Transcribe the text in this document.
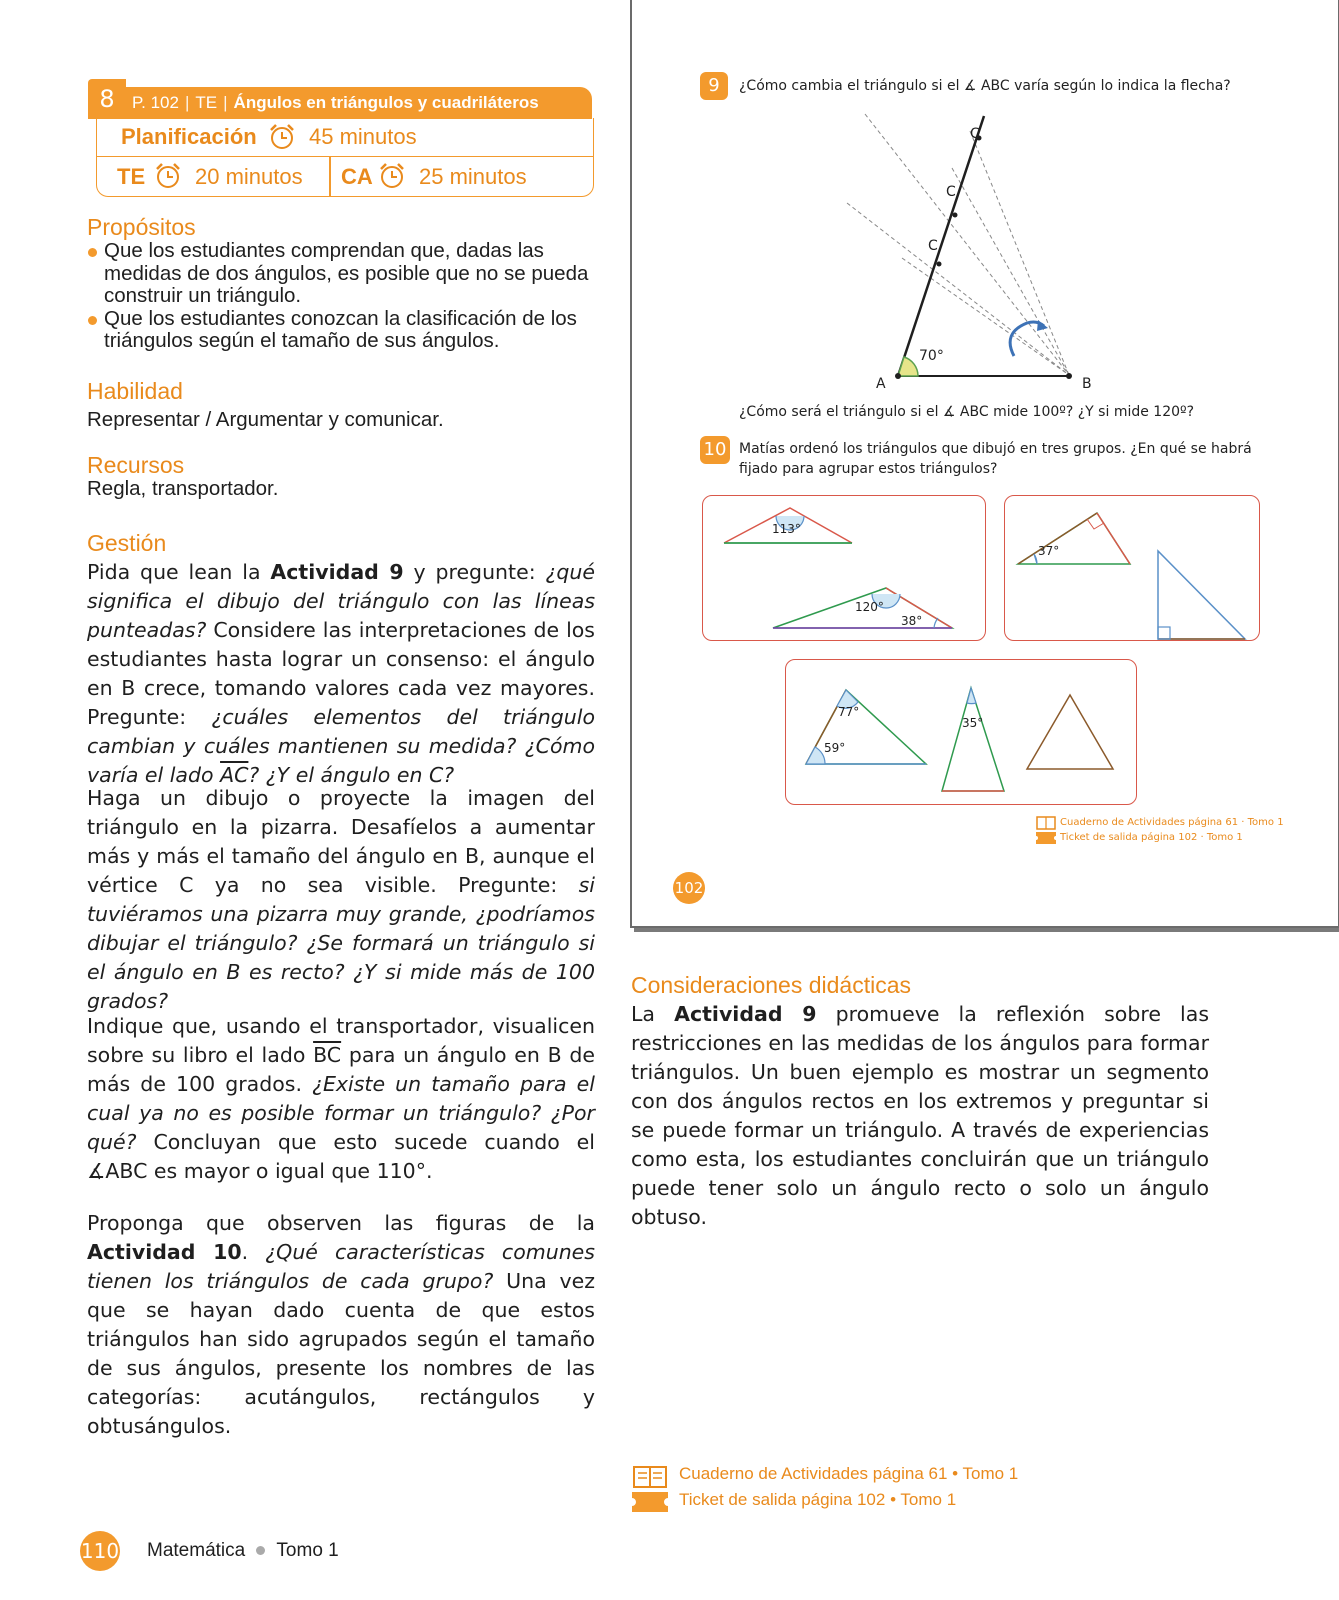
8	P. 102 | TE | Ángulos en triángulos y cuadriláteros
Planificación 45 minutos
TE 20 minutos CA 25 minutos
Propósitos
Que los estudiantes comprendan que, dadas las medidas de dos ángulos, es posible que no se pueda construir un triángulo.
Que los estudiantes conozcan la clasificación de los triángulos según el tamaño de sus ángulos.
Habilidad
Representar / Argumentar y comunicar.
Recursos
Regla, transportador.
Gestión
Pida que lean la Actividad 9 y pregunte: ¿qué significa el dibujo del triángulo con las líneas punteadas? Considere las interpretaciones de los estudiantes hasta lograr un consenso: el ángulo en B crece, tomando valores cada vez mayores. Pregunte: ¿cuáles elementos del triángulo cambian y cuáles mantienen su medida? ¿Cómo varía el lado $\overline{AC}$? ¿Y el ángulo en C?
Haga un dibujo o proyecte la imagen del triángulo en la pizarra. Desafíelos a aumentar más y más el tamaño del ángulo en B, aunque el vértice C ya no sea visible. Pregunte: si tuviéramos una pizarra muy grande, ¿podríamos dibujar el triángulo? ¿Se formará un triángulo si el ángulo en B es recto? ¿Y si mide más de 100 grados?
Indique que, usando el transportador, visualicen sobre su libro el lado $\overline{BC}$ para un ángulo en B de más de 100 grados. ¿Existe un tamaño para el cual ya no es posible formar un triángulo? ¿Por qué? Concluyan que esto sucede cuando el ∡ABC es mayor o igual que 110°.
Proponga que observen las figuras de la Actividad 10. ¿Qué características comunes tienen los triángulos de cada grupo? Una vez que se hayan dado cuenta de que estos triángulos han sido agrupados según el tamaño de sus ángulos, presente los nombres de las categorías: acutángulos, rectángulos y obtusángulos.
9	¿Cómo cambia el triángulo si el ∡ ABC varía según lo indica la flecha?
C
C
C
A	B
70°
¿Cómo será el triángulo si el ∡ ABC mide 100º? ¿Y si mide 120º?
10 Matías ordenó los triángulos que dibujó en tres grupos. ¿En qué se habrá fijado para agrupar estos triángulos?
113°
120°
38°
37°
77°
59°
35°
Cuaderno de Actividades página 61 · Tomo 1
Ticket de salida página 102 · Tomo 1
102
Consideraciones didácticas
La Actividad 9 promueve la reflexión sobre las restricciones en las medidas de los ángulos para formar triángulos. Un buen ejemplo es mostrar un segmento con dos ángulos rectos en los extremos y preguntar si se puede formar un triángulo. A través de experiencias como esta, los estudiantes concluirán que un triángulo puede tener solo un ángulo recto o solo un ángulo obtuso.
Cuaderno de Actividades página 61 • Tomo 1
Ticket de salida página 102 • Tomo 1
110 Matemática Tomo 1
